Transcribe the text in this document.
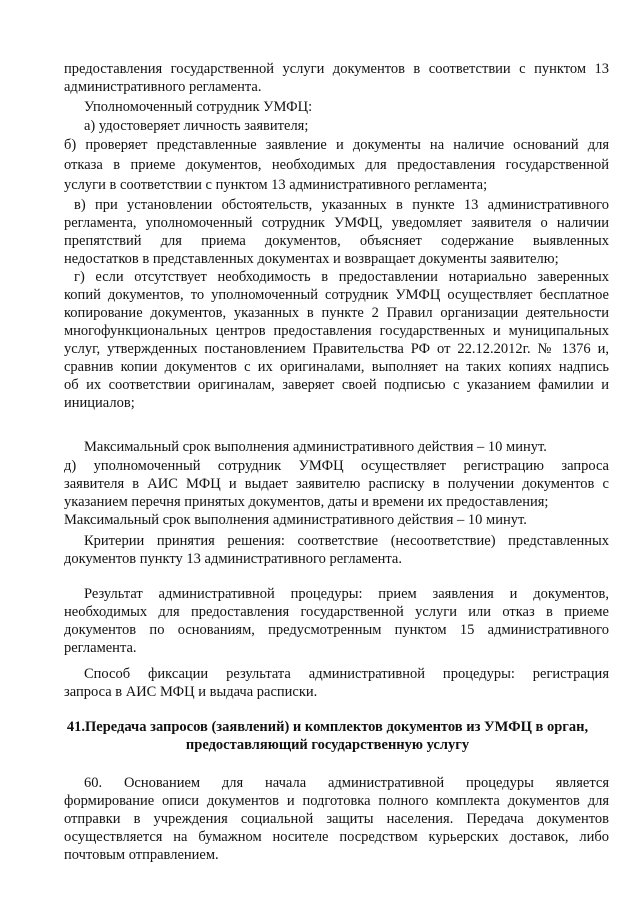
предоставления государственной услуги документов в соответствии с пунктом 13
административного регламента.
Уполномоченный сотрудник УМФЦ:
а) удостоверяет личность заявителя;
б) проверяет представленные заявление и документы на наличие оснований для
отказа в приеме документов, необходимых для предоставления государственной
услуги в соответствии с пунктом 13 административного регламента;
в) при установлении обстоятельств, указанных в пункте 13 административного
регламента, уполномоченный сотрудник УМФЦ, уведомляет заявителя о наличии
препятствий для приема документов, объясняет содержание выявленных
недостатков в представленных документах и возвращает документы заявителю;
г) если отсутствует необходимость в предоставлении нотариально заверенных
копий документов, то уполномоченный сотрудник УМФЦ осуществляет бесплатное
копирование документов, указанных в пункте 2 Правил организации деятельности
многофункциональных центров предоставления государственных и муниципальных
услуг, утвержденных постановлением Правительства РФ от 22.12.2012г. № 1376 и,
сравнив копии документов с их оригиналами, выполняет на таких копиях надпись
об их соответствии оригиналам, заверяет своей подписью с указанием фамилии и
инициалов;
Максимальный срок выполнения административного действия – 10 минут.
д) уполномоченный сотрудник УМФЦ осуществляет регистрацию запроса
заявителя в АИС МФЦ и выдает заявителю расписку в получении документов с
указанием перечня принятых документов, даты и времени их предоставления;
Максимальный срок выполнения административного действия – 10 минут.
Критерии принятия решения: соответствие (несоответствие) представленных
документов пункту 13 административного регламента.
Результат административной процедуры: прием заявления и документов,
необходимых для предоставления государственной услуги или отказ в приеме
документов по основаниям, предусмотренным пунктом 15 административного
регламента.
Способ фиксации результата административной процедуры: регистрация
запроса в АИС МФЦ и выдача расписки.
41.Передача запросов (заявлений) и комплектов документов из УМФЦ в орган,
предоставляющий государственную услугу
60. Основанием для начала административной процедуры является
формирование описи документов и подготовка полного комплекта документов для
отправки в учреждения социальной защиты населения. Передача документов
осуществляется на бумажном носителе посредством курьерских доставок, либо
почтовым отправлением.
